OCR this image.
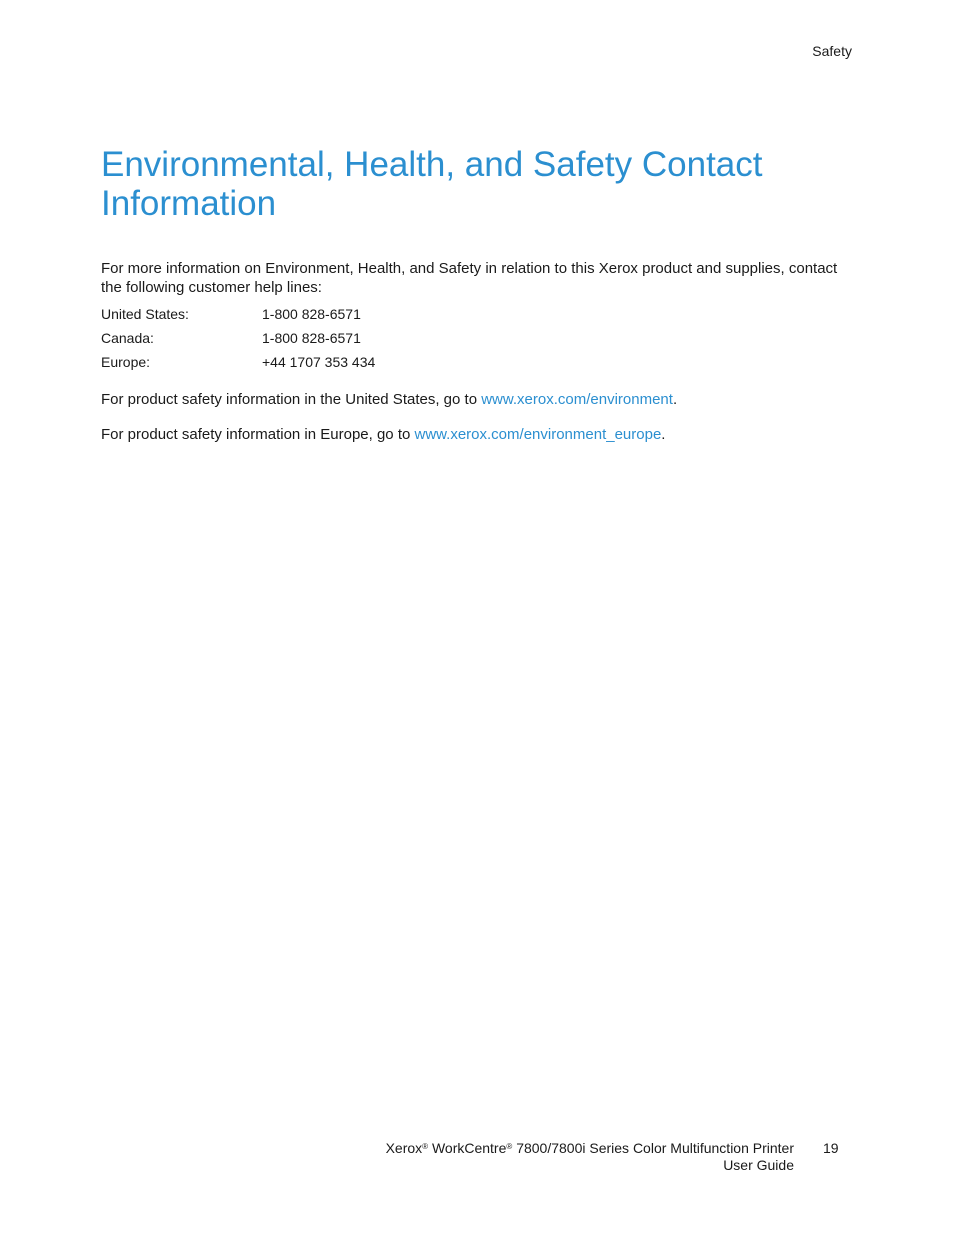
Safety
Environmental, Health, and Safety Contact Information

For more information on Environment, Health, and Safety in relation to this Xerox product and supplies, contact the following customer help lines:

United States:	1-800 828-6571
Canada:	1-800 828-6571
Europe:	+44 1707 353 434

For product safety information in the United States, go to www.xerox.com/environment.

For product safety information in Europe, go to www.xerox.com/environment_europe.

Xerox® WorkCentre® 7800/7800i Series Color Multifunction Printer
User Guide
19
